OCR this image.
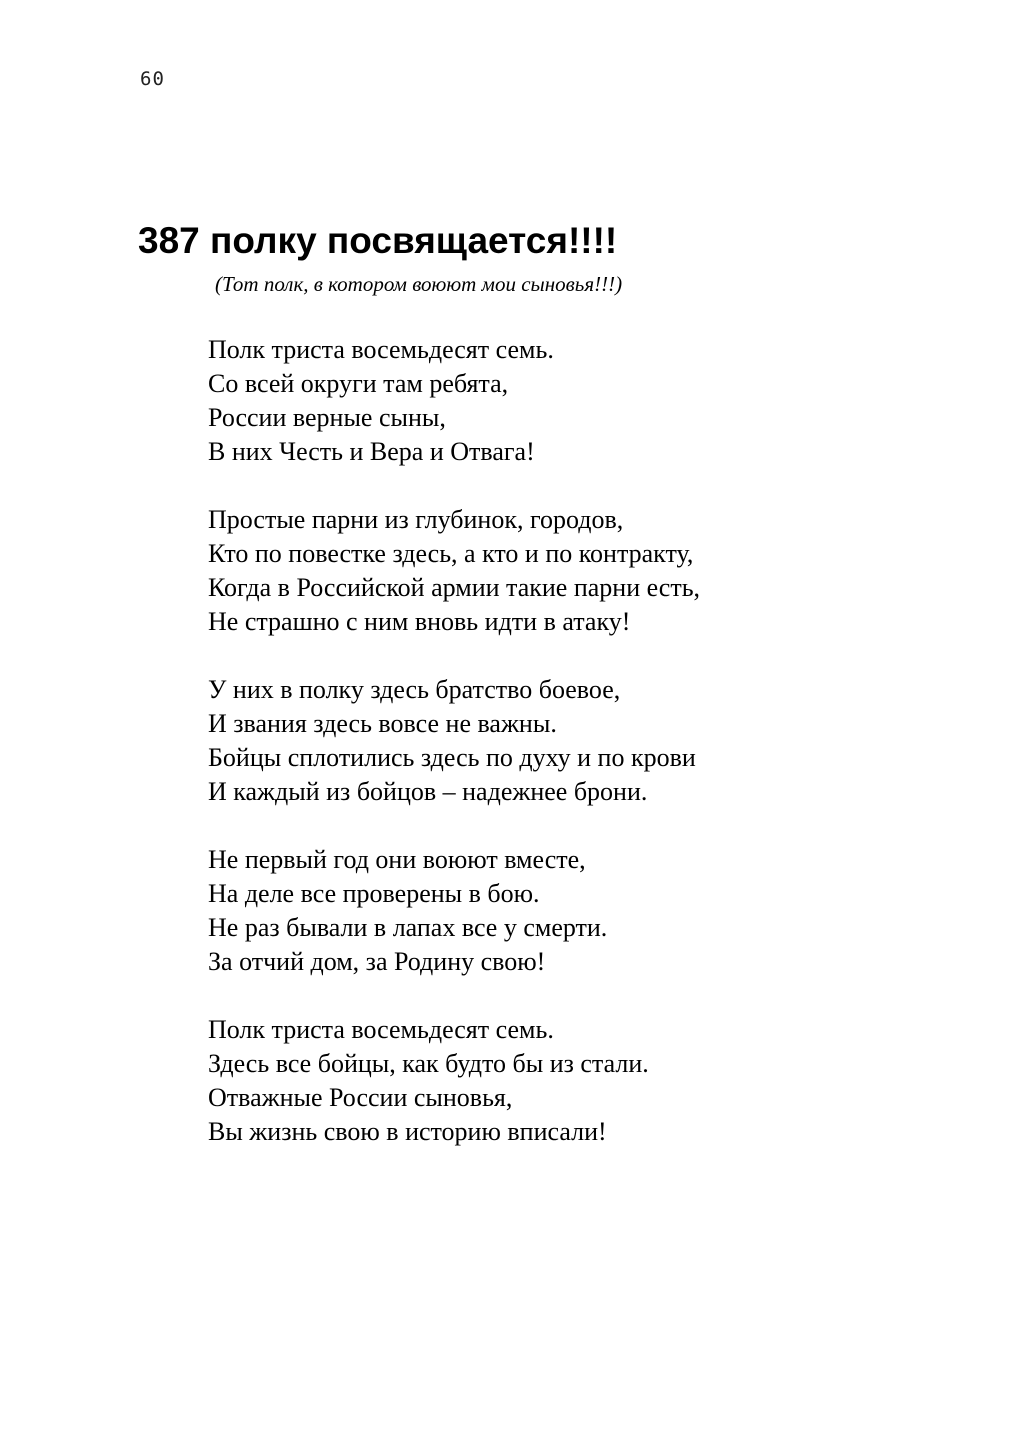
60
387 полку посвящается!!!!
(Тот полк, в котором воюют мои сыновья!!!)
Полк триста восемьдесят семь.
Со всей округи там ребята,
России верные сыны,
В них Честь и Вера и Отвага!
Простые парни из глубинок, городов,
Кто по повестке здесь, а кто и по контракту,
Когда в Российской армии такие парни есть,
Не страшно с ним вновь идти в атаку!
У них в полку здесь братство боевое,
И звания здесь вовсе не важны.
Бойцы сплотились здесь по духу и по крови
И каждый из бойцов – надежнее брони.
Не первый год они воюют вместе,
На деле все проверены в бою.
Не раз бывали в лапах все у смерти.
За отчий дом, за Родину свою!
Полк триста восемьдесят семь.
Здесь все бойцы, как будто бы из стали.
Отважные России сыновья,
Вы жизнь свою в историю вписали!
